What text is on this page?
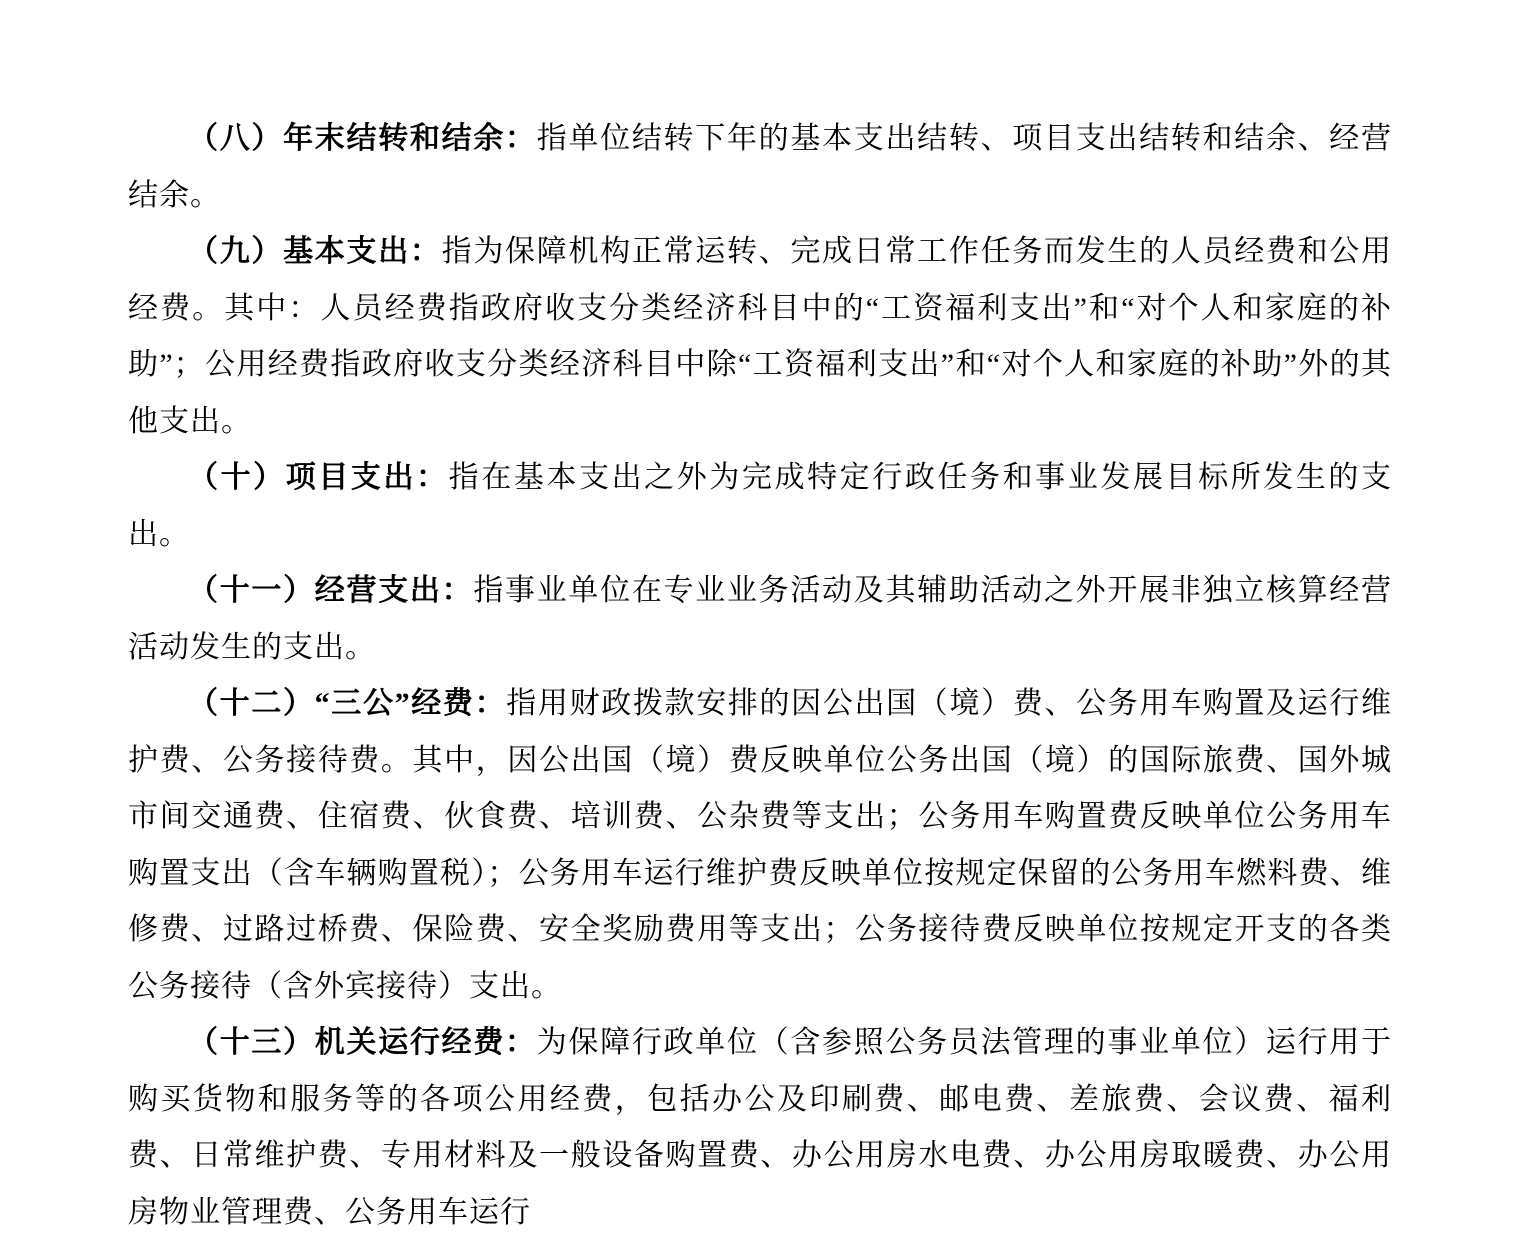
（八）年末结转和结余：指单位结转下年的基本支出结转、项目支出结转和结余、经营结余。

（九）基本支出：指为保障机构正常运转、完成日常工作任务而发生的人员经费和公用经费。其中：人员经费指政府收支分类经济科目中的“工资福利支出”和“对个人和家庭的补助”；公用经费指政府收支分类经济科目中除“工资福利支出”和“对个人和家庭的补助”外的其他支出。

（十）项目支出：指在基本支出之外为完成特定行政任务和事业发展目标所发生的支出。

（十一）经营支出：指事业单位在专业业务活动及其辅助活动之外开展非独立核算经营活动发生的支出。

（十二）“三公”经费：指用财政拨款安排的因公出国（境）费、公务用车购置及运行维护费、公务接待费。其中，因公出国（境）费反映单位公务出国（境）的国际旅费、国外城市间交通费、住宿费、伙食费、培训费、公杂费等支出；公务用车购置费反映单位公务用车购置支出（含车辆购置税）；公务用车运行维护费反映单位按规定保留的公务用车燃料费、维修费、过路过桥费、保险费、安全奖励费用等支出；公务接待费反映单位按规定开支的各类公务接待（含外宾接待）支出。

（十三）机关运行经费：为保障行政单位（含参照公务员法管理的事业单位）运行用于购买货物和服务等的各项公用经费，包括办公及印刷费、邮电费、差旅费、会议费、福利费、日常维护费、专用材料及一般设备购置费、办公用房水电费、办公用房取暖费、办公用房物业管理费、公务用车运行
